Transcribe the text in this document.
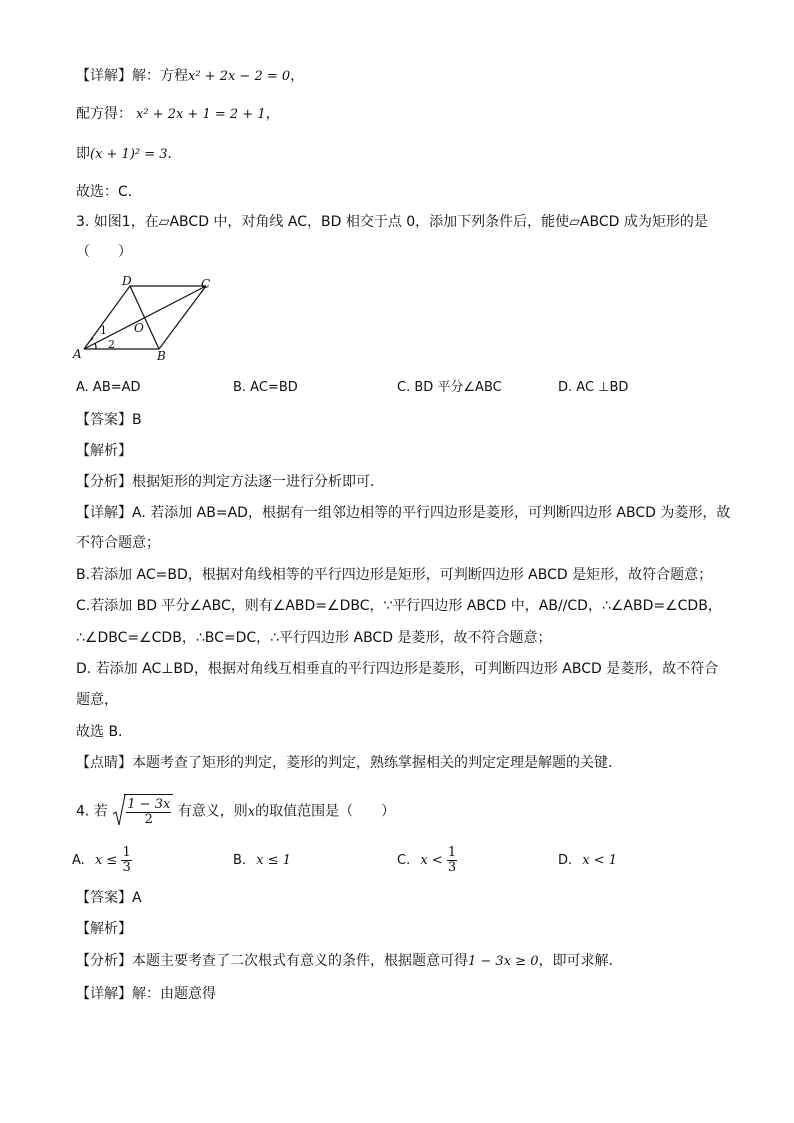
【详解】解：方程x² + 2x − 2 = 0，
配方得： x² + 2x + 1 = 2 + 1，
即(x + 1)² = 3．
故选：C．
3. 如图1，在▱ABCD 中，对角线 AC，BD 相交于点 0，添加下列条件后，能使▱ABCD 成为矩形的是
（　　）
D	C
A	B
O
1
2
A. AB=AD	B. AC=BD	C. BD 平分∠ABC	D. AC ⊥BD
【答案】B
【解析】
【分析】根据矩形的判定方法逐一进行分析即可.
【详解】A. 若添加 AB=AD，根据有一组邻边相等的平行四边形是菱形，可判断四边形 ABCD 为菱形，故
不符合题意；
B.若添加 AC=BD，根据对角线相等的平行四边形是矩形，可判断四边形 ABCD 是矩形，故符合题意；
C.若添加 BD 平分∠ABC，则有∠ABD=∠DBC，∵平行四边形 ABCD 中，AB//CD，∴∠ABD=∠CDB，
∴∠DBC=∠CDB，∴BC=DC，∴平行四边形 ABCD 是菱形，故不符合题意；
D. 若添加 AC⊥BD，根据对角线互相垂直的平行四边形是菱形，可判断四边形 ABCD 是菱形，故不符合
题意，
故选 B.
【点睛】本题考查了矩形的判定，菱形的判定，熟练掌握相关的判定定理是解题的关键.
4. 若 $\frac{1 - 3x}{2}$ 有意义，则x的取值范围是（　　）
A. $x \le \frac{1}{3}$	B. x ≤ 1	C. $x < \frac{1}{3}$	D. x < 1
【答案】A
【解析】
【分析】本题主要考查了二次根式有意义的条件，根据题意可得1 − 3x ≥ 0，即可求解．
【详解】解：由题意得
